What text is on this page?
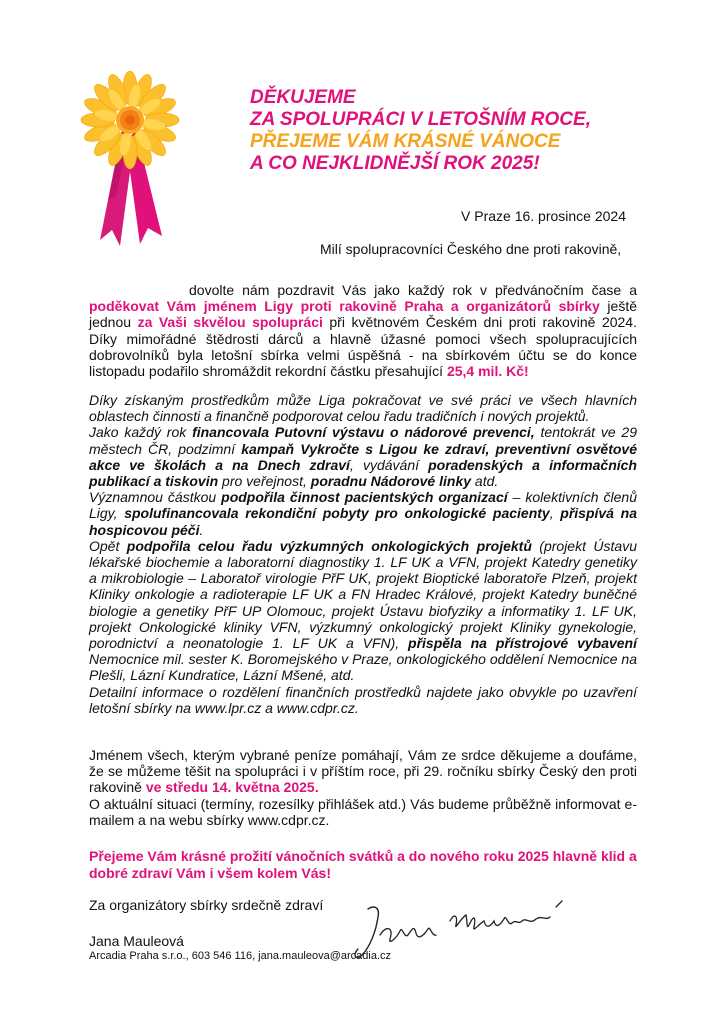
DĚKUJEME
ZA SPOLUPRÁCI V LETOŠNÍM ROCE,
PŘEJEME VÁM KRÁSNÉ VÁNOCE
A CO NEJKLIDNĚJŠÍ ROK 2025!
V Praze 16. prosince 2024
Milí spolupracovníci Českého dne proti rakovině,
dovolte nám pozdravit Vás jako každý rok v předvánočním čase a poděkovat Vám jménem Ligy proti rakovině Praha a organizátorů sbírky ještě jednou za Vaši skvělou spolupráci při květnovém Českém dni proti rakovině 2024. Díky mimořádné štědrosti dárců a hlavně úžasné pomoci všech spolupracujících dobrovolníků byla letošní sbírka velmi úspěšná - na sbírkovém účtu se do konce listopadu podařilo shromáždit rekordní částku přesahující 25,4 mil. Kč!
Díky získaným prostředkům může Liga pokračovat ve své práci ve všech hlavních oblastech činnosti a finančně podporovat celou řadu tradičních i nových projektů.
Jako každý rok financovala Putovní výstavu o nádorové prevenci, tentokrát ve 29 městech ČR, podzimní kampaň Vykročte s Ligou ke zdraví, preventivní osvětové akce ve školách a na Dnech zdraví, vydávání poradenských a informačních publikací a tiskovin pro veřejnost, poradnu Nádorové linky atd.
Významnou částkou podpořila činnost pacientských organizací – kolektivních členů Ligy, spolufinancovala rekondiční pobyty pro onkologické pacienty, přispívá na hospicovou péči.
Opět podpořila celou řadu výzkumných onkologických projektů (projekt Ústavu lékařské biochemie a laboratorní diagnostiky 1. LF UK a VFN, projekt Katedry genetiky a mikrobiologie – Laboratoř virologie PřF UK, projekt Bioptické laboratoře Plzeň, projekt Kliniky onkologie a radioterapie LF UK a FN Hradec Králové, projekt Katedry buněčné biologie a genetiky PřF UP Olomouc, projekt Ústavu biofyziky a informatiky 1. LF UK, projekt Onkologické kliniky VFN, výzkumný onkologický projekt Kliniky gynekologie, porodnictví a neonatologie 1. LF UK a VFN), přispěla na přístrojové vybavení Nemocnice mil. sester K. Boromejského v Praze, onkologického oddělení Nemocnice na Plešli, Lázní Kundratice, Lázní Mšené, atd.
Detailní informace o rozdělení finančních prostředků najdete jako obvykle po uzavření letošní sbírky na www.lpr.cz a www.cdpr.cz.
Jménem všech, kterým vybrané peníze pomáhají, Vám ze srdce děkujeme a doufáme, že se můžeme těšit na spolupráci i v příštím roce, při 29. ročníku sbírky Český den proti rakovině ve středu 14. května 2025.
O aktuální situaci (termíny, rozesílky přihlášek atd.) Vás budeme průběžně informovat e-mailem a na webu sbírky www.cdpr.cz.
Přejeme Vám krásné prožití vánočních svátků a do nového roku 2025 hlavně klid a dobré zdraví Vám i všem kolem Vás!
Za organizátory sbírky srdečně zdraví
Jana Mauleová
Arcadia Praha s.r.o., 603 546 116, jana.mauleova@arcadia.cz
